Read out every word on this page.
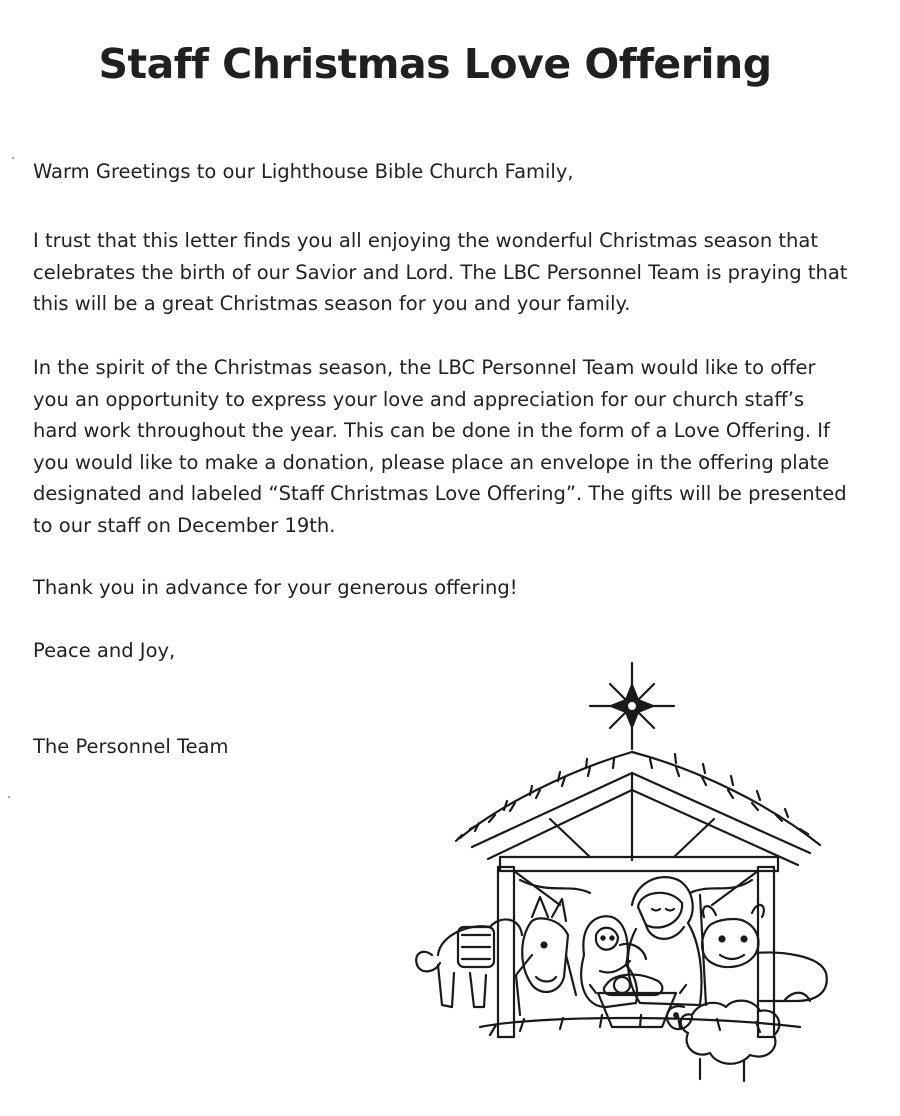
Staff Christmas Love Offering

Warm Greetings to our Lighthouse Bible Church Family,

I trust that this letter finds you all enjoying the wonderful Christmas season that celebrates the birth of our Savior and Lord. The LBC Personnel Team is praying that this will be a great Christmas season for you and your family.

In the spirit of the Christmas season, the LBC Personnel Team would like to offer you an opportunity to express your love and appreciation for our church staff’s hard work throughout the year. This can be done in the form of a Love Offering. If you would like to make a donation, please place an envelope in the offering plate designated and labeled “Staff Christmas Love Offering”. The gifts will be presented to our staff on December 19th.

Thank you in advance for your generous offering!

Peace and Joy,

The Personnel Team
